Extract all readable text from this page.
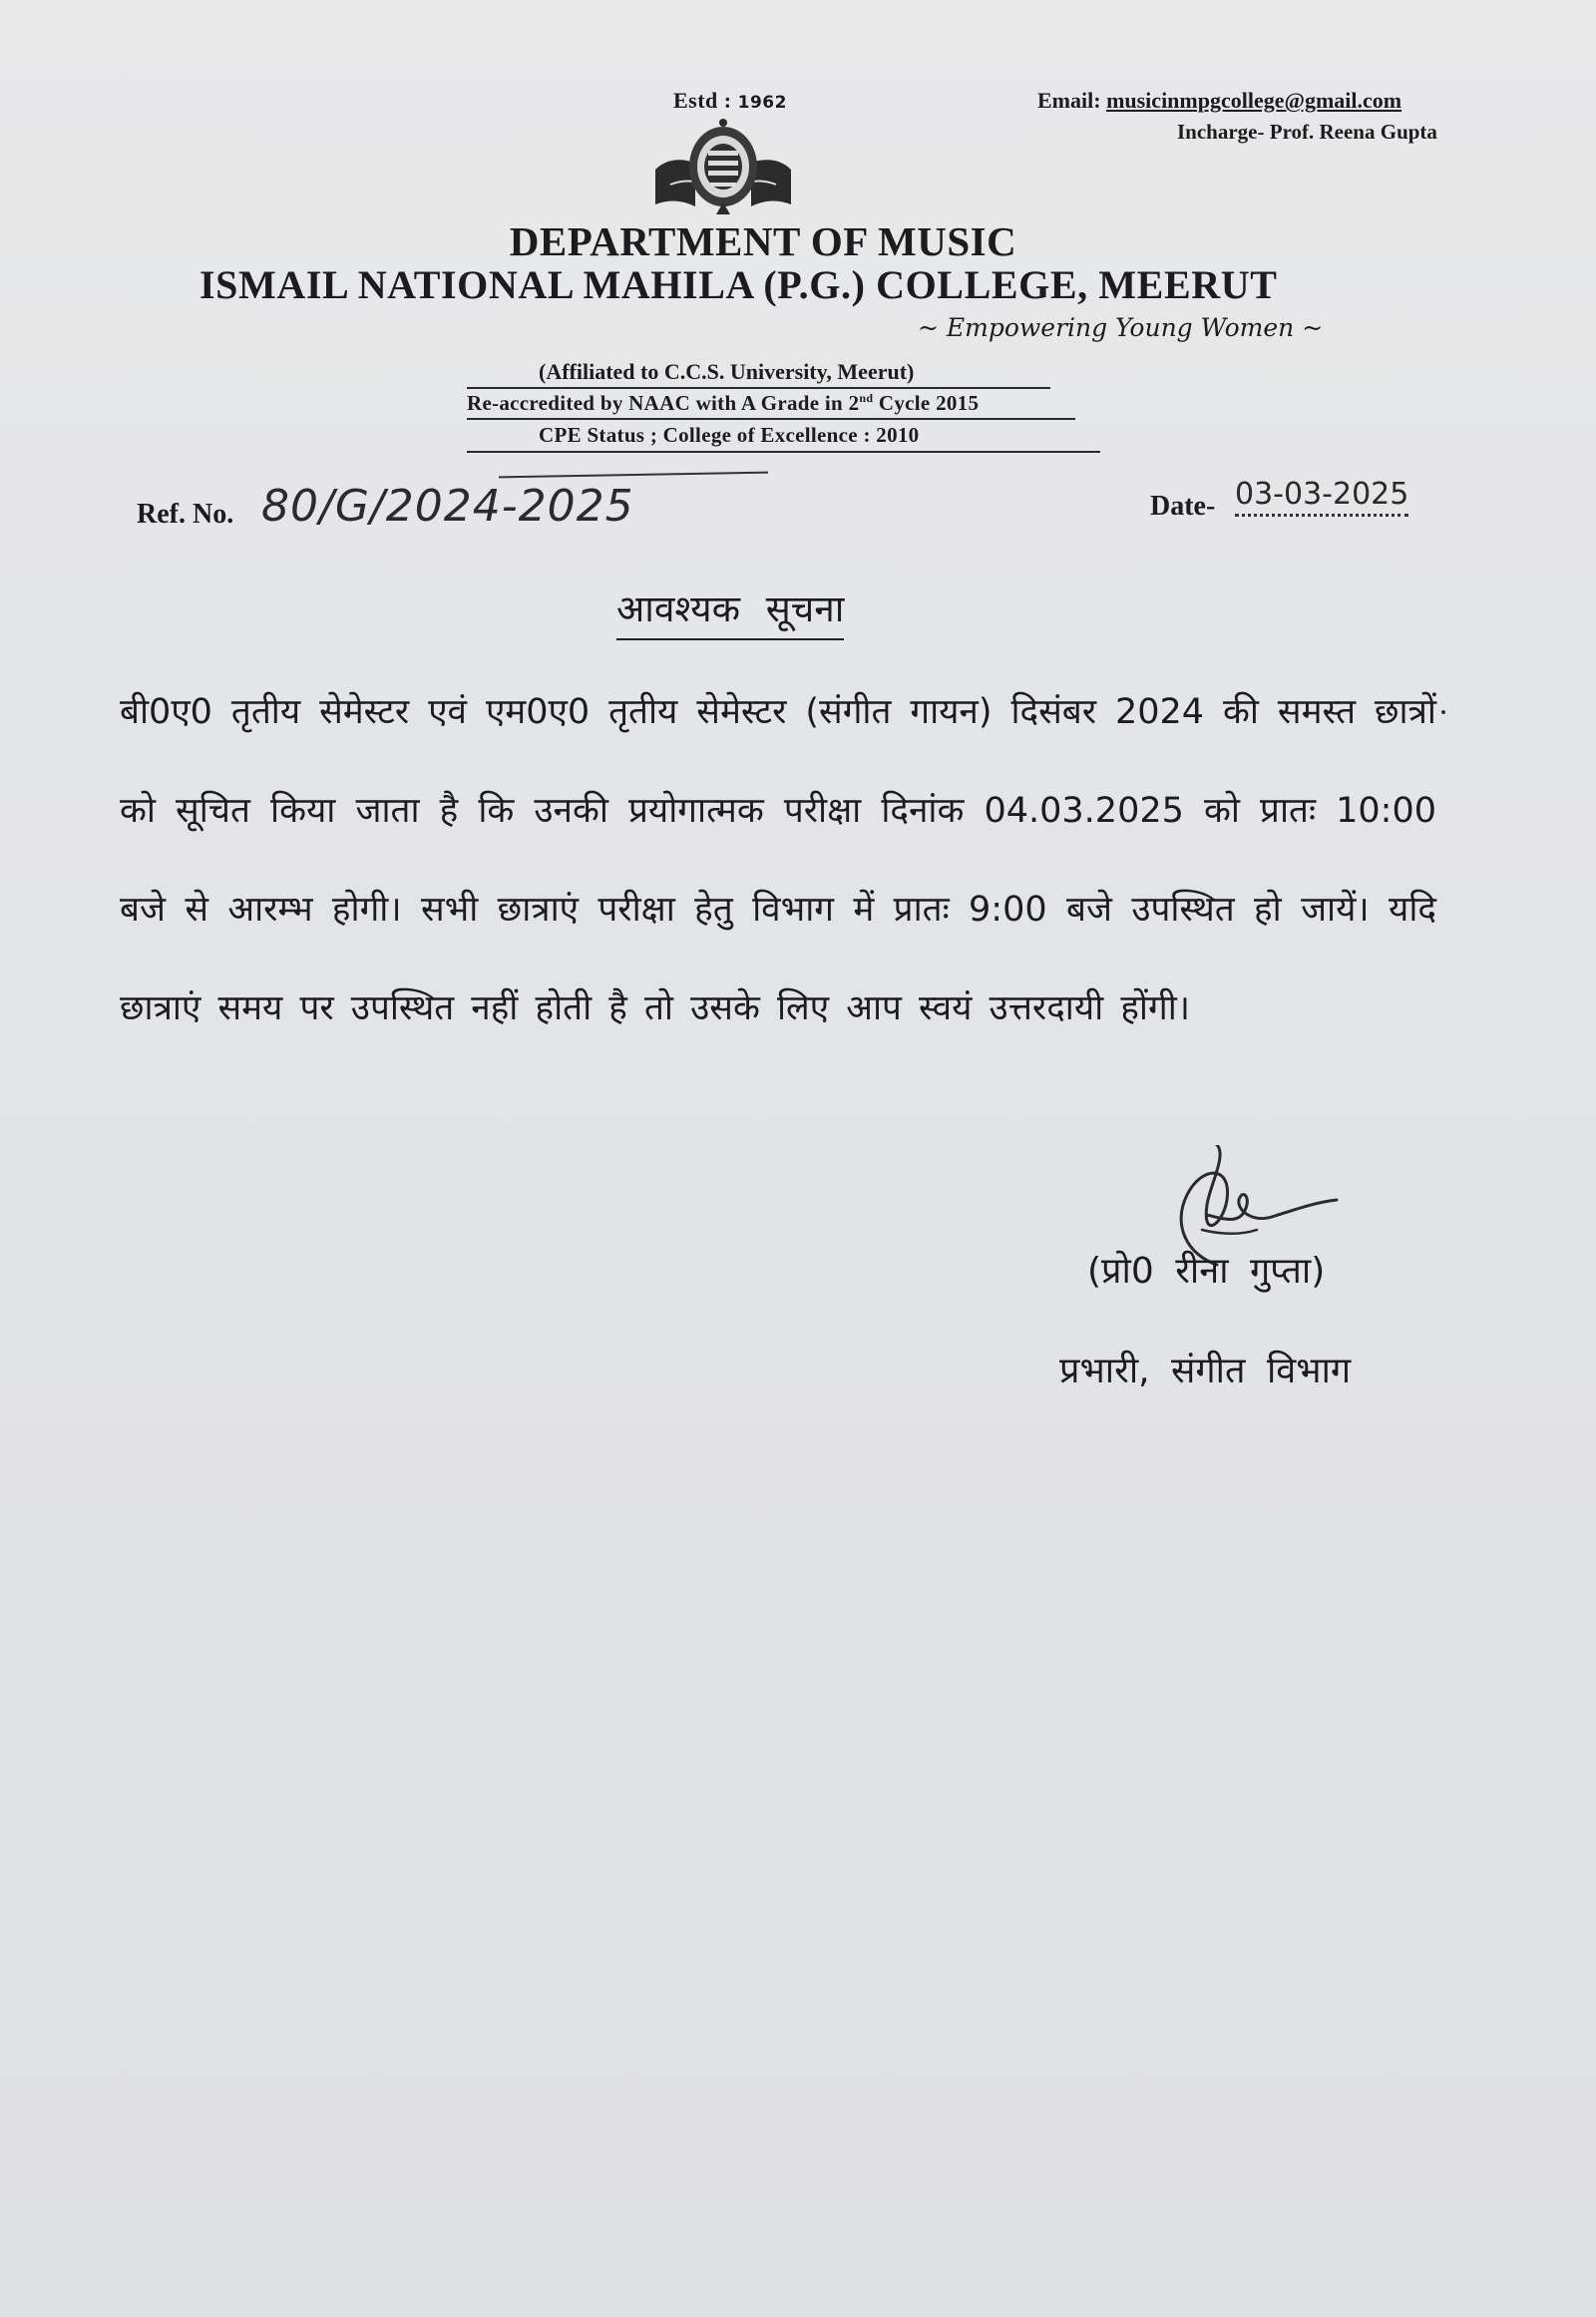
Estd : 1962	Email: musicinmpgcollege@gmail.com
Incharge- Prof. Reena Gupta
DEPARTMENT OF MUSIC
ISMAIL NATIONAL MAHILA (P.G.) COLLEGE, MEERUT
~ Empowering Young Women ~
(Affiliated to C.C.S. University, Meerut)
Re-accredited by NAAC with A Grade in 2nd Cycle 2015
CPE Status ; College of Excellence : 2010
Ref. No. 80/G/2024-2025	Date- 03-03-2025
आवश्यक सूचना
बी0ए0 तृतीय सेमेस्टर एवं एम0ए0 तृतीय सेमेस्टर (संगीत गायन) दिसंबर 2024 की समस्त छात्रों को सूचित किया जाता है कि उनकी प्रयोगात्मक परीक्षा दिनांक 04.03.2025 को प्रातः 10:00 बजे से आरम्भ होगी। सभी छात्राएं परीक्षा हेतु विभाग में प्रातः 9:00 बजे उपस्थित हो जायें। यदि छात्राएं समय पर उपस्थित नहीं होती है तो उसके लिए आप स्वयं उत्तरदायी होंगी।
(प्रो0 रीना गुप्ता)
प्रभारी, संगीत विभाग
